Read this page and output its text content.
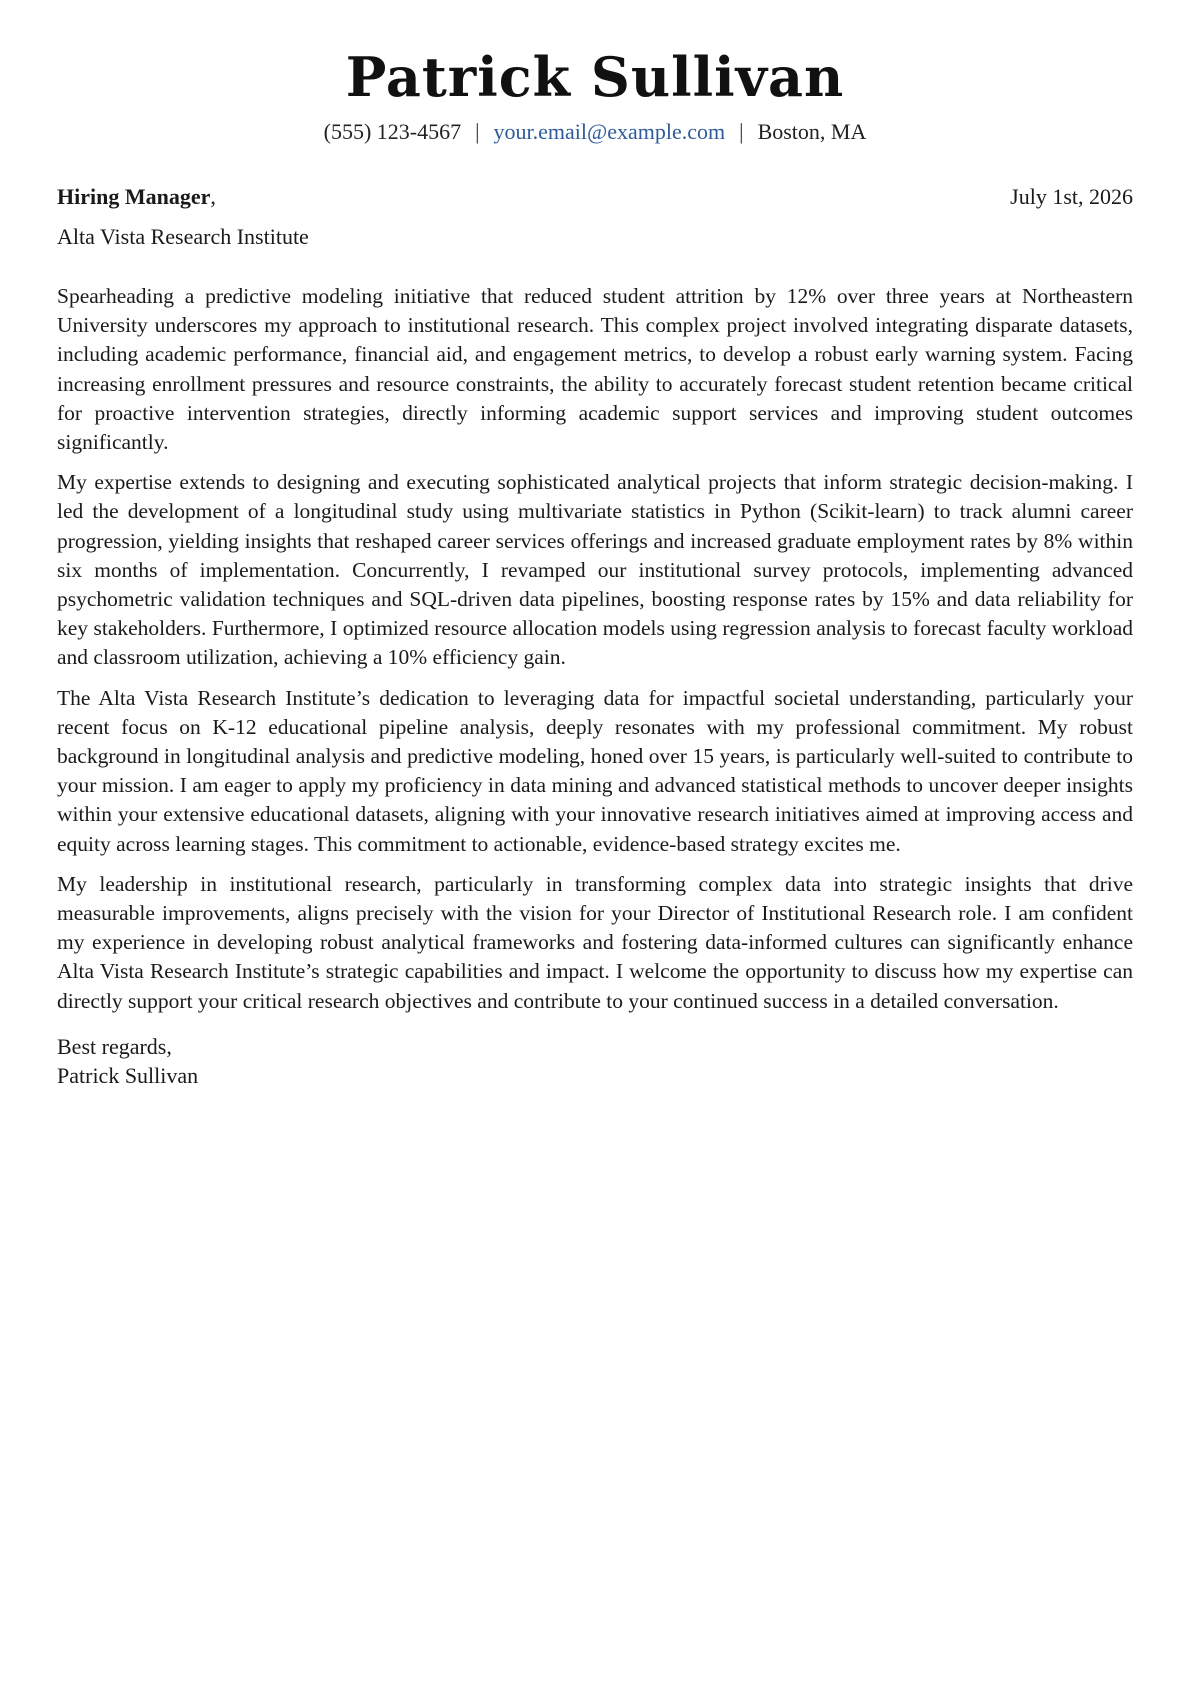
Patrick Sullivan
(555) 123-4567 | your.email@example.com | Boston, MA
Hiring Manager,	July 1st, 2026
Alta Vista Research Institute

Spearheading a predictive modeling initiative that reduced student attrition by 12% over three years at Northeastern University underscores my approach to institutional research. This complex project involved integrating disparate datasets, including academic performance, financial aid, and engagement metrics, to develop a robust early warning system. Facing increasing enrollment pressures and resource constraints, the ability to accurately forecast student retention became critical for proactive intervention strategies, directly informing academic support services and improving student outcomes significantly.

My expertise extends to designing and executing sophisticated analytical projects that inform strategic decision-making. I led the development of a longitudinal study using multivariate statistics in Python (Scikit-learn) to track alumni career progression, yielding insights that reshaped career services offerings and increased graduate employment rates by 8% within six months of implementation. Concurrently, I revamped our institutional survey protocols, implementing advanced psychometric validation techniques and SQL-driven data pipelines, boosting response rates by 15% and data reliability for key stakeholders. Furthermore, I optimized resource allocation models using regression analysis to forecast faculty workload and classroom utilization, achieving a 10% efficiency gain.

The Alta Vista Research Institute’s dedication to leveraging data for impactful societal understanding, particularly your recent focus on K-12 educational pipeline analysis, deeply resonates with my professional commitment. My robust background in longitudinal analysis and predictive modeling, honed over 15 years, is particularly well-suited to contribute to your mission. I am eager to apply my proficiency in data mining and advanced statistical methods to uncover deeper insights within your extensive educational datasets, aligning with your innovative research initiatives aimed at improving access and equity across learning stages. This commitment to actionable, evidence-based strategy excites me.

My leadership in institutional research, particularly in transforming complex data into strategic insights that drive measurable improvements, aligns precisely with the vision for your Director of Institutional Research role. I am confident my experience in developing robust analytical frameworks and fostering data-informed cultures can significantly enhance Alta Vista Research Institute’s strategic capabilities and impact. I welcome the opportunity to discuss how my expertise can directly support your critical research objectives and contribute to your continued success in a detailed conversation.

Best regards,
Patrick Sullivan
